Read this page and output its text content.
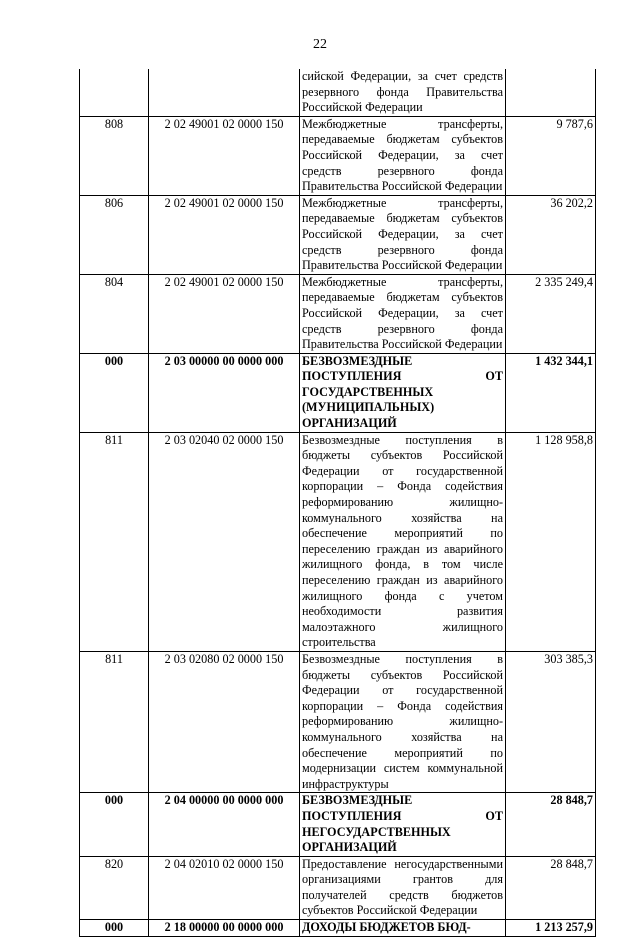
22
		сийской Федерации, за счет средств резервного фонда Правительства Российской Федерации	
808	2 02 49001 02 0000 150	Межбюджетные трансферты, передаваемые бюджетам субъектов Российской Федерации, за счет средств резервного фонда Правительства Российской Федерации	9 787,6
806	2 02 49001 02 0000 150	Межбюджетные трансферты, передаваемые бюджетам субъектов Российской Федерации, за счет средств резервного фонда Правительства Российской Федерации	36 202,2
804	2 02 49001 02 0000 150	Межбюджетные трансферты, передаваемые бюджетам субъектов Российской Федерации, за счет средств резервного фонда Правительства Российской Федерации	2 335 249,4
000	2 03 00000 00 0000 000	БЕЗВОЗМЕЗДНЫЕ ПОСТУПЛЕНИЯ ОТ ГОСУДАРСТВЕННЫХ (МУНИЦИПАЛЬНЫХ) ОРГАНИЗАЦИЙ	1 432 344,1
811	2 03 02040 02 0000 150	Безвозмездные поступления в бюджеты субъектов Российской Федерации от государственной корпорации – Фонда содействия реформированию жилищно-коммунального хозяйства на обеспечение мероприятий по переселению граждан из аварийного жилищного фонда, в том числе переселению граждан из аварийного жилищного фонда с учетом необходимости развития малоэтажного жилищного строительства	1 128 958,8
811	2 03 02080 02 0000 150	Безвозмездные поступления в бюджеты субъектов Российской Федерации от государственной корпорации – Фонда содействия реформированию жилищно-коммунального хозяйства на обеспечение мероприятий по модернизации систем коммунальной инфраструктуры	303 385,3
000	2 04 00000 00 0000 000	БЕЗВОЗМЕЗДНЫЕ ПОСТУПЛЕНИЯ ОТ НЕГОСУДАРСТВЕННЫХ ОРГАНИЗАЦИЙ	28 848,7
820	2 04 02010 02 0000 150	Предоставление негосударственными организациями грантов для получателей средств бюджетов субъектов Российской Федерации	28 848,7
000	2 18 00000 00 0000 000	ДОХОДЫ БЮДЖЕТОВ БЮД-	1 213 257,9
